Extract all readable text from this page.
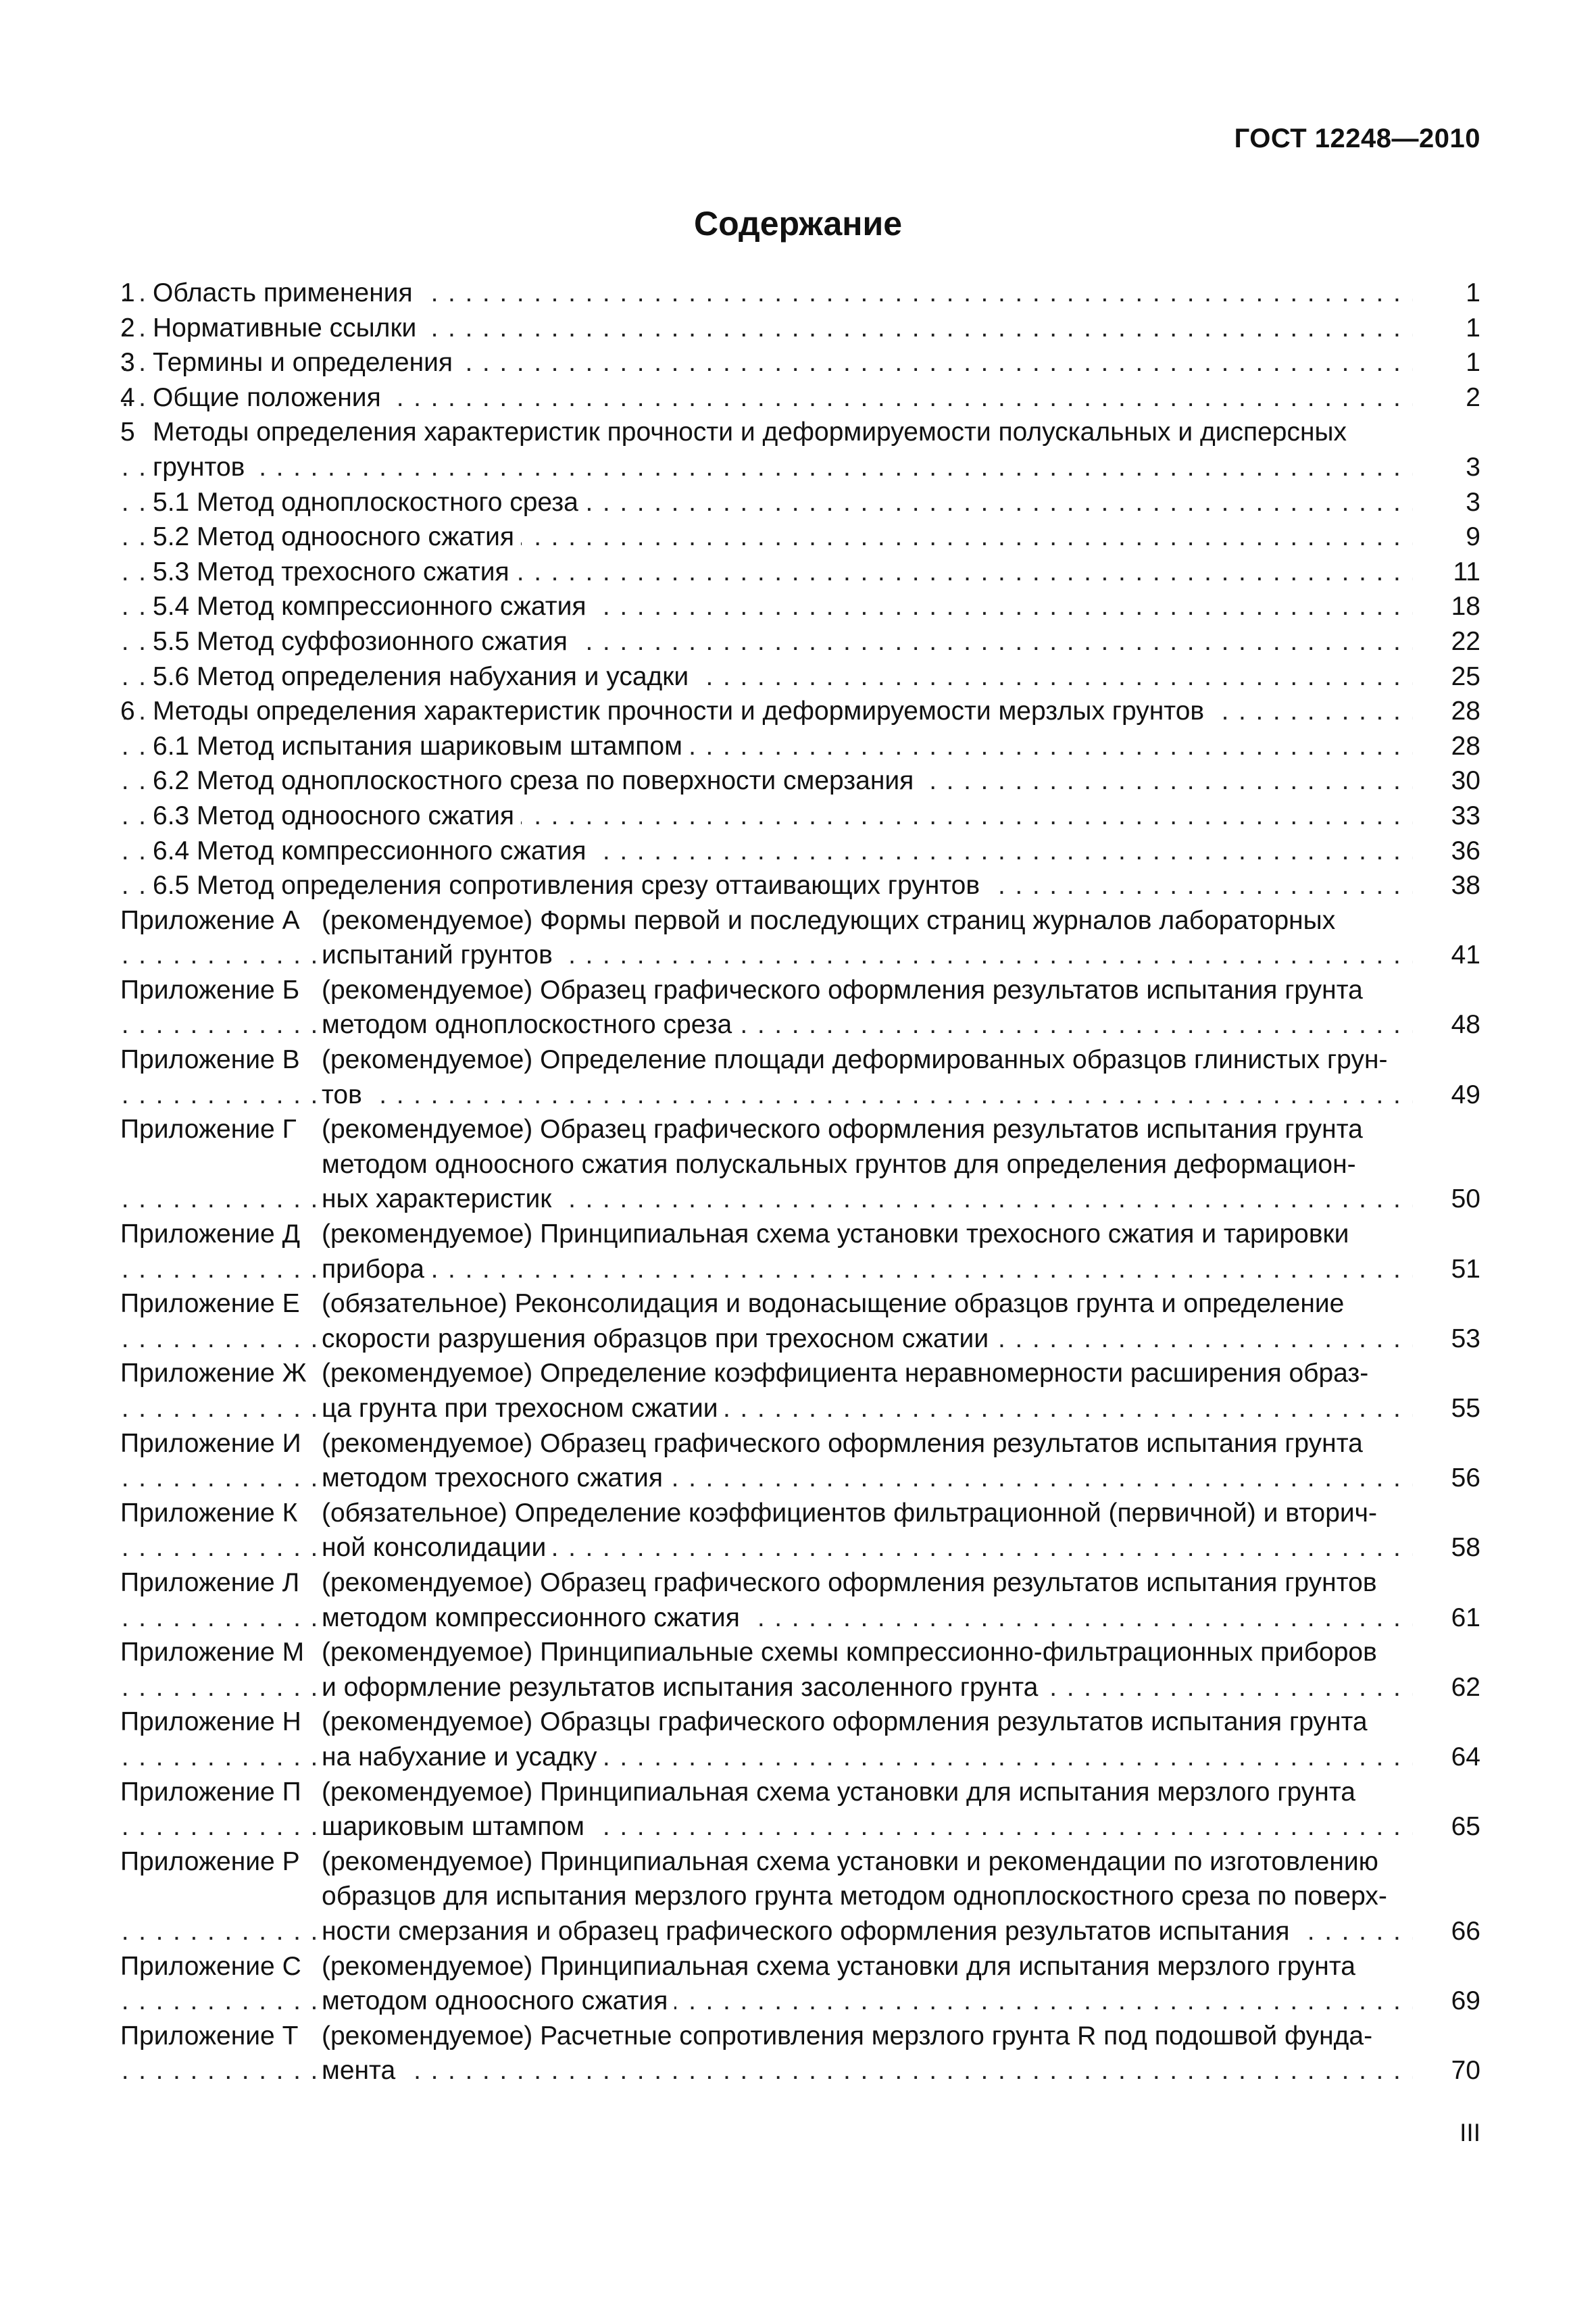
ГОСТ 12248—2010
Содержание
1 Область применения .....	1
2 Нормативные ссылки .....	1
3 Термины и определения .....	1
4 Общие положения .....	2
5 Методы определения характеристик прочности и деформируемости полускальных и дисперсных
грунтов .....	3
5.1 Метод одноплоскостного среза .....	3
5.2 Метод одноосного сжатия .....	9
5.3 Метод трехосного сжатия .....	11
5.4 Метод компрессионного сжатия .....	18
5.5 Метод суффозионного сжатия .....	22
5.6 Метод определения набухания и усадки .....	25
6 Методы определения характеристик прочности и деформируемости мерзлых грунтов .....	28
6.1 Метод испытания шариковым штампом .....	28
6.2 Метод одноплоскостного среза по поверхности смерзания .....	30
6.3 Метод одноосного сжатия .....	33
6.4 Метод компрессионного сжатия .....	36
6.5 Метод определения сопротивления срезу оттаивающих грунтов .....	38
Приложение А (рекомендуемое) Формы первой и последующих страниц журналов лабораторных
испытаний грунтов .....	41
Приложение Б (рекомендуемое) Образец графического оформления результатов испытания грунта
методом одноплоскостного среза .....	48
Приложение В (рекомендуемое) Определение площади деформированных образцов глинистых грун-
тов .....	49
Приложение Г (рекомендуемое) Образец графического оформления результатов испытания грунта
методом одноосного сжатия полускальных грунтов для определения деформацион-
ных характеристик .....	50
Приложение Д (рекомендуемое) Принципиальная схема установки трехосного сжатия и тарировки
прибора .....	51
Приложение Е (обязательное) Реконсолидация и водонасыщение образцов грунта и определение
скорости разрушения образцов при трехосном сжатии .....	53
Приложение Ж (рекомендуемое) Определение коэффициента неравномерности расширения образ-
ца грунта при трехосном сжатии .....	55
Приложение И (рекомендуемое) Образец графического оформления результатов испытания грунта
методом трехосного сжатия .....	56
Приложение К (обязательное) Определение коэффициентов фильтрационной (первичной) и вторич-
ной консолидации .....	58
Приложение Л (рекомендуемое) Образец графического оформления результатов испытания грунтов
методом компрессионного сжатия .....	61
Приложение М (рекомендуемое) Принципиальные схемы компрессионно-фильтрационных приборов
и оформление результатов испытания засоленного грунта .....	62
Приложение Н (рекомендуемое) Образцы графического оформления результатов испытания грунта
на набухание и усадку .....	64
Приложение П (рекомендуемое) Принципиальная схема установки для испытания мерзлого грунта
шариковым штампом .....	65
Приложение Р (рекомендуемое) Принципиальная схема установки и рекомендации по изготовлению
образцов для испытания мерзлого грунта методом одноплоскостного среза по поверх-
ности смерзания и образец графического оформления результатов испытания .....	66
Приложение С (рекомендуемое) Принципиальная схема установки для испытания мерзлого грунта
методом одноосного сжатия .....	69
Приложение Т (рекомендуемое) Расчетные сопротивления мерзлого грунта R под подошвой фунда-
мента .....	70
III
